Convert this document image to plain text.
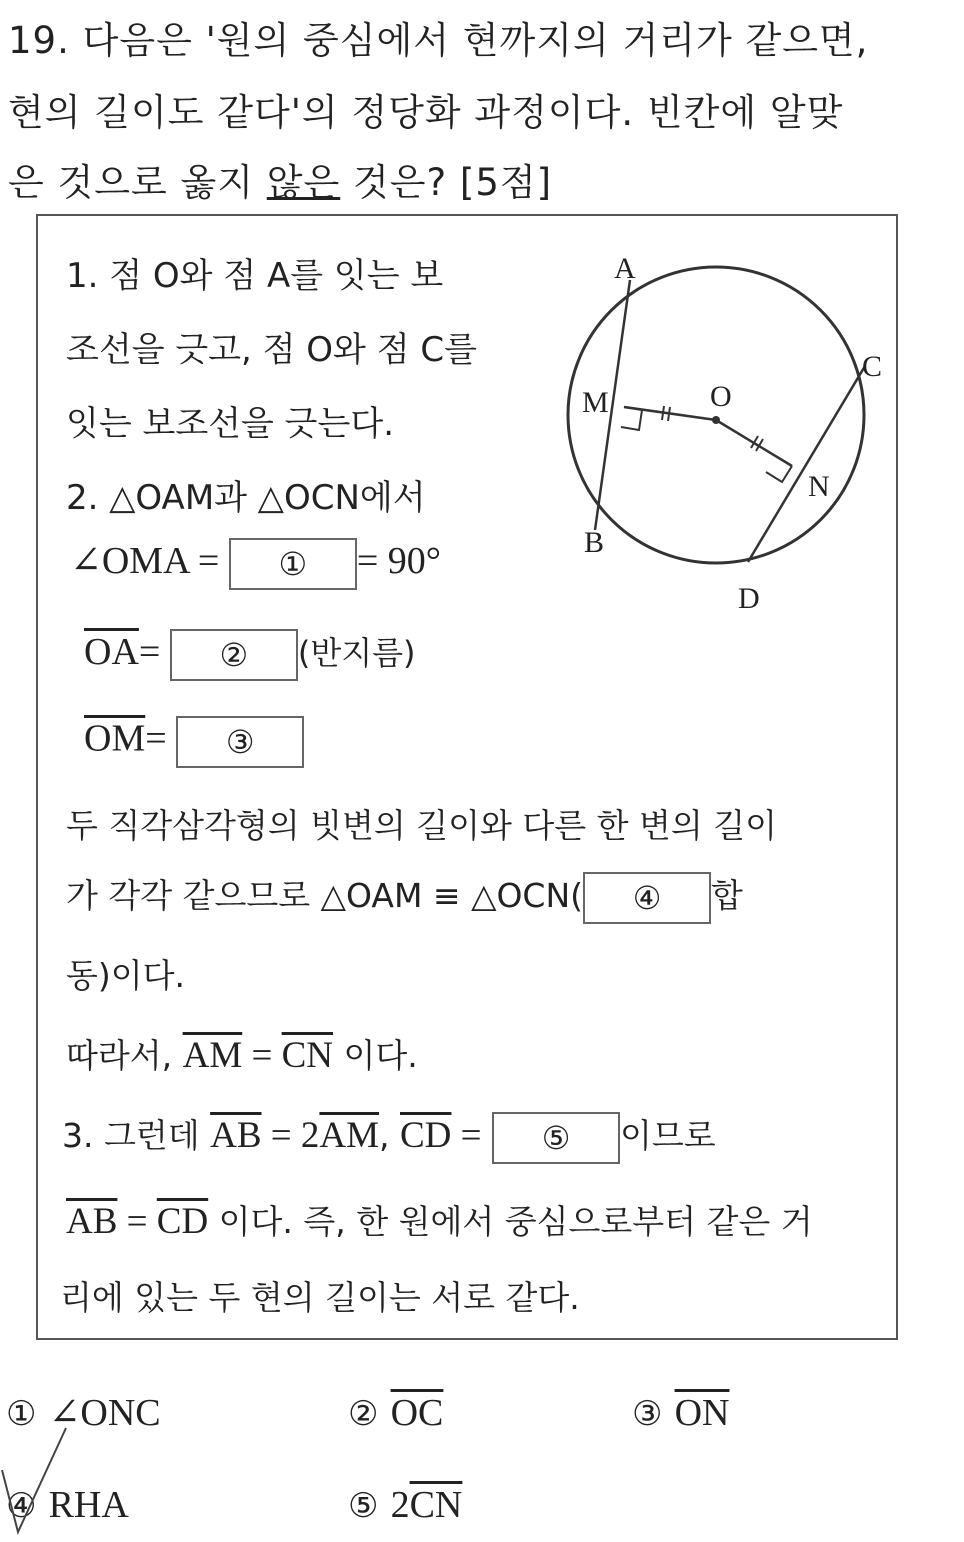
19. 다음은 '원의 중심에서 현까지의 거리가 같으면,
현의 길이도 같다'의 정당화 과정이다. 빈칸에 알맞
은 것으로 옳지 않은 것은? [5점]
1. 점 O와 점 A를 잇는 보
조선을 긋고, 점 O와 점 C를
잇는 보조선을 긋는다.
2. △OAM과 △OCN에서
∠OMA = ① = 90°
$\overline{OA}=$ ② (반지름)
$\overline{OM}=$ ③
두 직각삼각형의 빗변의 길이와 다른 한 변의 길이
가 각각 같으므로 △OAM ≡ △OCN( ④ 합
동)이다.
따라서, $\overline{AM} = \overline{CN}$ 이다.
3. 그런데 $\overline{AB} = 2\overline{AM}$, $\overline{CD}$ = ⑤ 이므로
$\overline{AB} = \overline{CD}$ 이다. 즉, 한 원에서 중심으로부터 같은 거
리에 있는 두 현의 길이는 서로 같다.
A
B
C
D
M
N
O
① ∠ONC	② $\overline{OC}$	③ $\overline{ON}$
④ RHA	⑤ $2\overline{CN}$
